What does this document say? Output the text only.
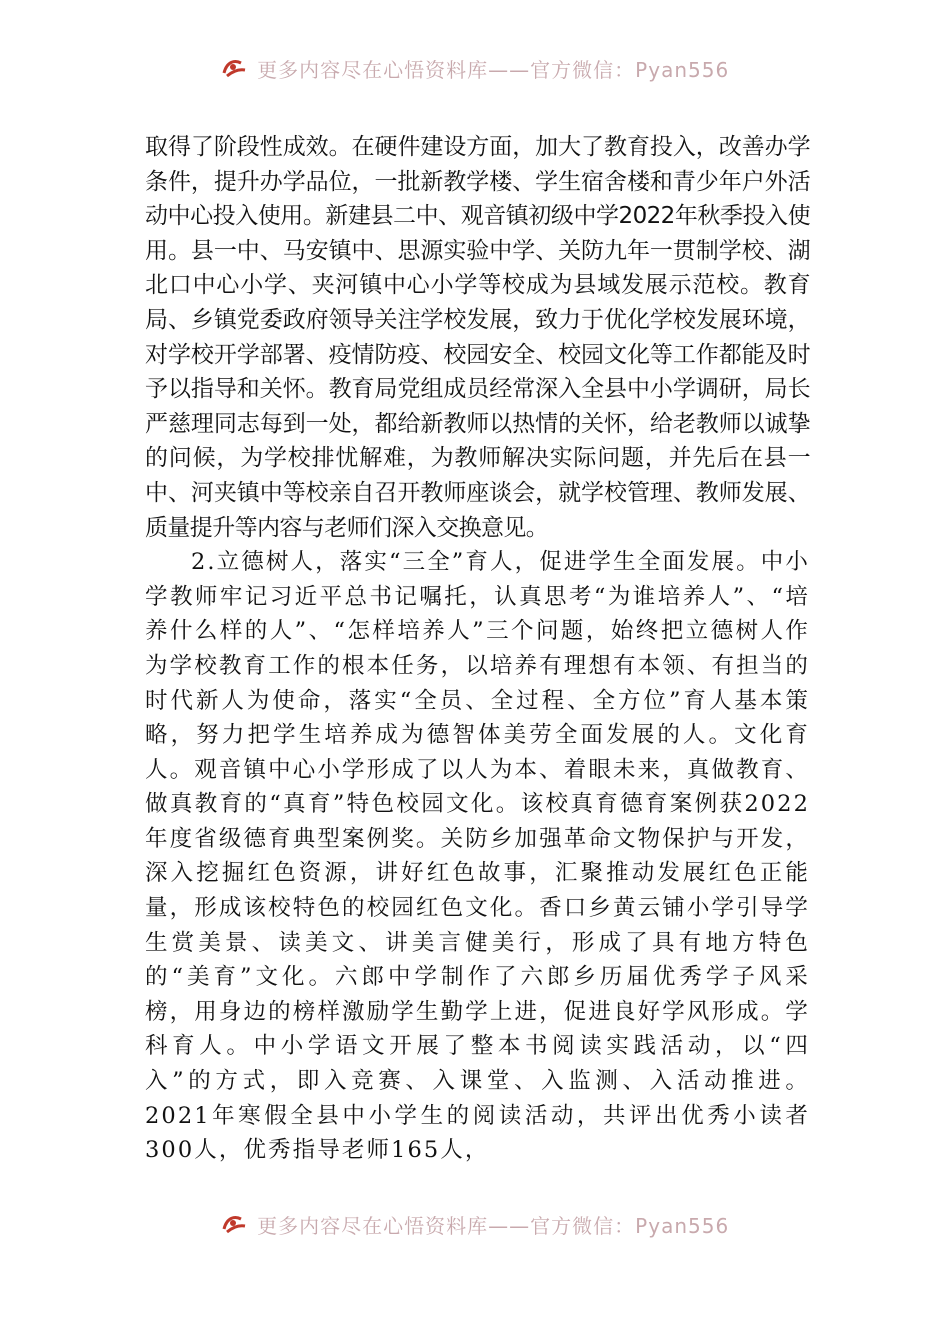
更多内容尽在心悟资料库——官方微信：Pyan556

取得了阶段性成效。在硬件建设方面，加大了教育投入，改善办学条件，提升办学品位，一批新教学楼、学生宿舍楼和青少年户外活动中心投入使用。新建县二中、观音镇初级中学2022年秋季投入使用。县一中、马安镇中、思源实验中学、关防九年一贯制学校、湖北口中心小学、夹河镇中心小学等校成为县域发展示范校。教育局、乡镇党委政府领导关注学校发展，致力于优化学校发展环境，对学校开学部署、疫情防疫、校园安全、校园文化等工作都能及时予以指导和关怀。教育局党组成员经常深入全县中小学调研，局长严慈理同志每到一处，都给新教师以热情的关怀，给老教师以诚挚的问候，为学校排忧解难，为教师解决实际问题，并先后在县一中、河夹镇中等校亲自召开教师座谈会，就学校管理、教师发展、质量提升等内容与老师们深入交换意见。

2.立德树人，落实“三全”育人，促进学生全面发展。中小学教师牢记习近平总书记嘱托，认真思考“为谁培养人”、“培养什么样的人”、“怎样培养人”三个问题，始终把立德树人作为学校教育工作的根本任务，以培养有理想有本领、有担当的时代新人为使命，落实“全员、全过程、全方位”育人基本策略，努力把学生培养成为德智体美劳全面发展的人。文化育人。观音镇中心小学形成了以人为本、着眼未来，真做教育、做真教育的“真育”特色校园文化。该校真育德育案例获2022年度省级德育典型案例奖。关防乡加强革命文物保护与开发，深入挖掘红色资源，讲好红色故事，汇聚推动发展红色正能量，形成该校特色的校园红色文化。香口乡黄云铺小学引导学生赏美景、读美文、讲美言健美行，形成了具有地方特色的“美育”文化。六郎中学制作了六郎乡历届优秀学子风采榜，用身边的榜样激励学生勤学上进，促进良好学风形成。学科育人。中小学语文开展了整本书阅读实践活动，以“四入”的方式，即入竞赛、入课堂、入监测、入活动推进。2021年寒假全县中小学生的阅读活动，共评出优秀小读者300人，优秀指导老师165人，

更多内容尽在心悟资料库——官方微信：Pyan556
